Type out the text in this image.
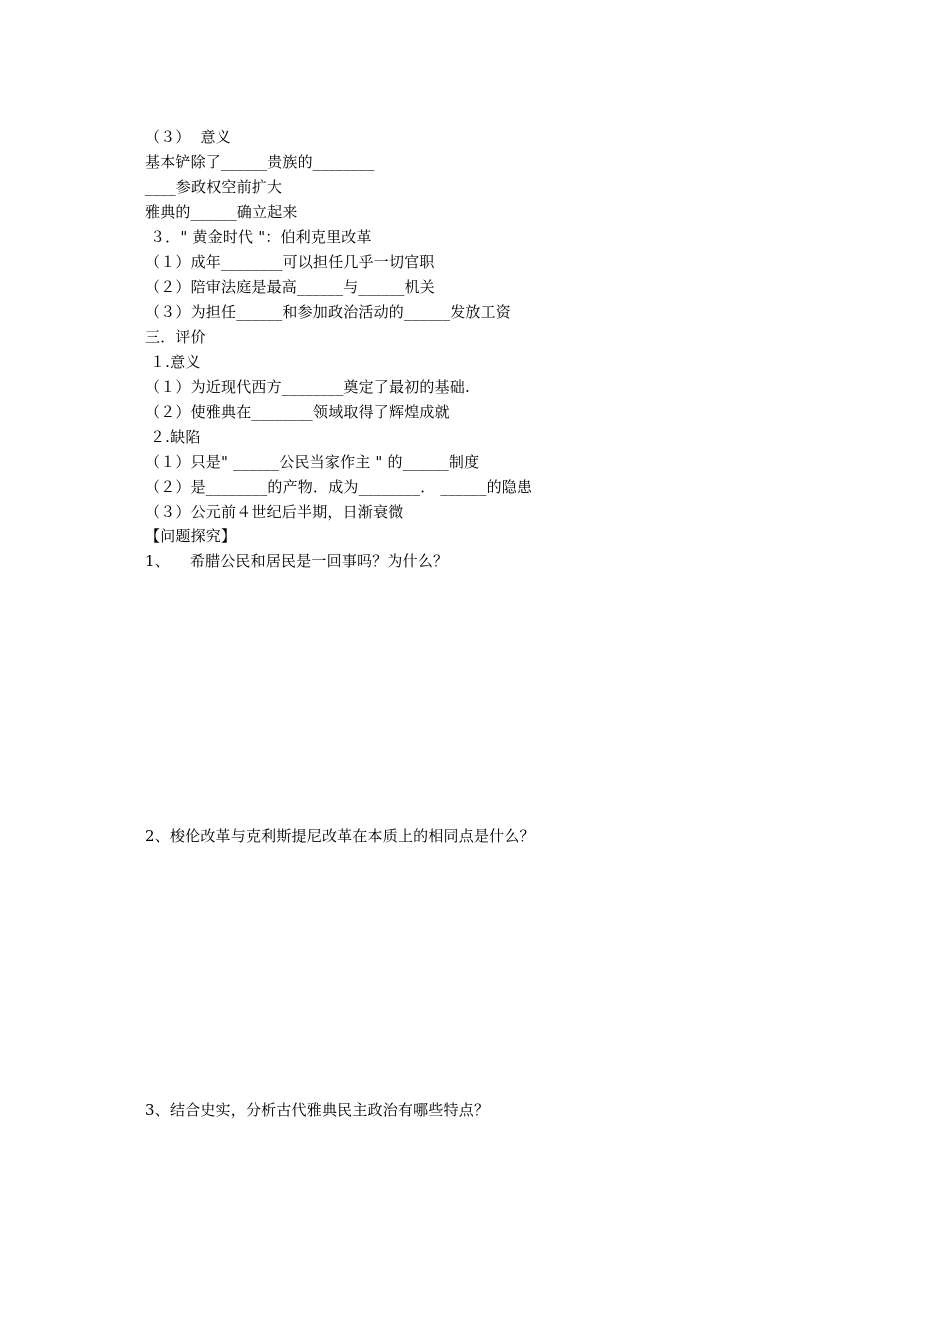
（３）  意义
基本铲除了______贵族的________
____参政权空前扩大
雅典的______确立起来
３．" 黄金时代 "：伯利克里改革
（１）成年________可以担任几乎一切官职
（２）陪审法庭是最高______与______机关
（３）为担任______和参加政治活动的______发放工资
三．评价
１.意义
（１）为近现代西方________奠定了最初的基础.
（２）使雅典在________领域取得了辉煌成就
２.缺陷
（１）只是" ______公民当家作主 " 的______制度
（２）是________的产物．成为________． ______的隐患
（３）公元前４世纪后半期，日渐衰微
【问题探究】
1、    希腊公民和居民是一回事吗？为什么？
2、梭伦改革与克利斯提尼改革在本质上的相同点是什么？
3、结合史实，分析古代雅典民主政治有哪些特点？
